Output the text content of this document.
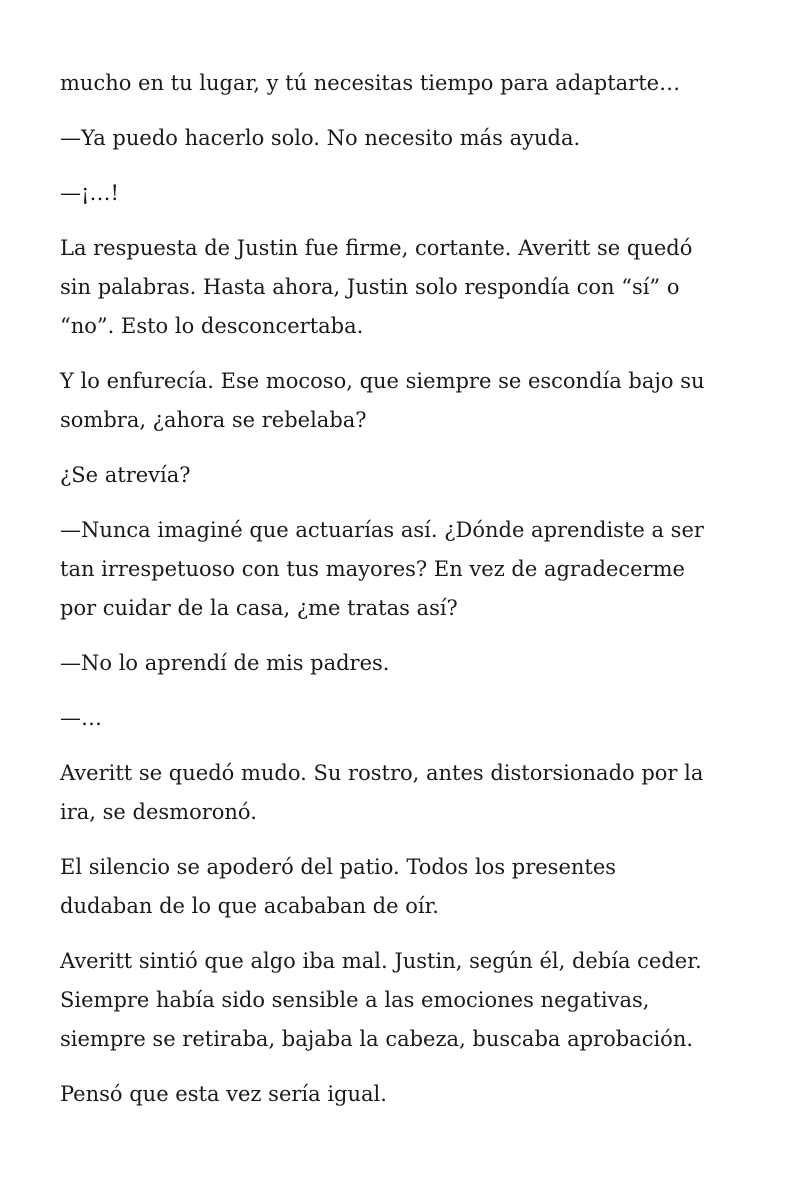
mucho en tu lugar, y tú necesitas tiempo para adaptarte…

—Ya puedo hacerlo solo. No necesito más ayuda.

—¡…!

La respuesta de Justin fue firme, cortante. Averitt se quedó
sin palabras. Hasta ahora, Justin solo respondía con “sí” o
“no”. Esto lo desconcertaba.

Y lo enfurecía. Ese mocoso, que siempre se escondía bajo su
sombra, ¿ahora se rebelaba?

¿Se atrevía?

—Nunca imaginé que actuarías así. ¿Dónde aprendiste a ser
tan irrespetuoso con tus mayores? En vez de agradecerme
por cuidar de la casa, ¿me tratas así?

—No lo aprendí de mis padres.

—…

Averitt se quedó mudo. Su rostro, antes distorsionado por la
ira, se desmoronó.

El silencio se apoderó del patio. Todos los presentes
dudaban de lo que acababan de oír.

Averitt sintió que algo iba mal. Justin, según él, debía ceder.
Siempre había sido sensible a las emociones negativas,
siempre se retiraba, bajaba la cabeza, buscaba aprobación.

Pensó que esta vez sería igual.
